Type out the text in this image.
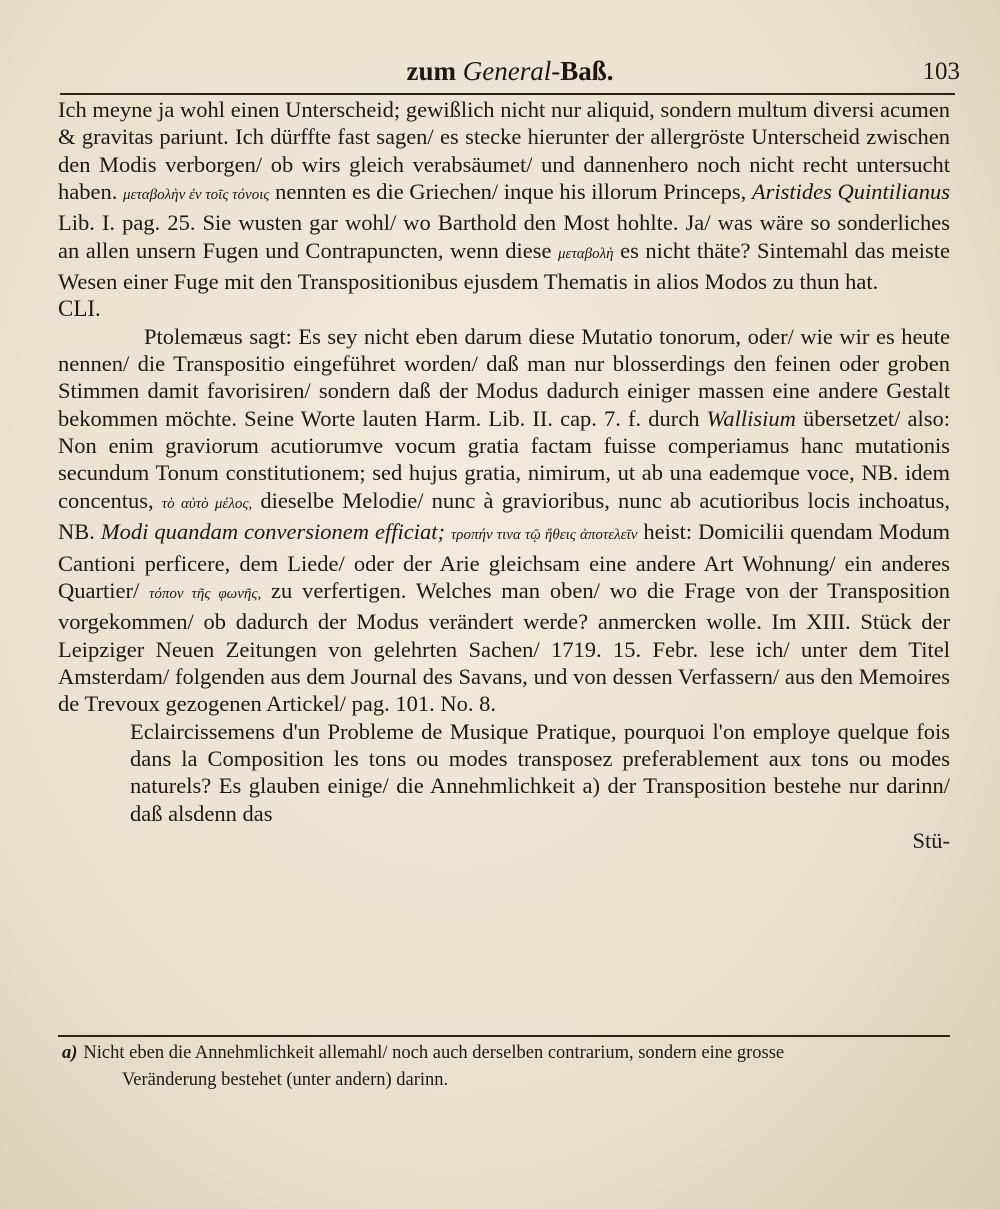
zum General-Baß.	103

Ich meyne ja wohl einen Unterscheid; gewißlich nicht nur aliquid, sondern multum diversi acumen & gravitas pariunt. Ich dürffte fast sagen/ es stecke hierunter der allergröste Unterscheid zwischen den Modis verborgen/ ob wirs gleich verabsäumet/ und dannenhero noch nicht recht untersucht haben. μεταβολὴν ἐν τοῖς τόνοις nennten es die Griechen/ inque his illorum Princeps, Aristides Quintilianus Lib. I. pag. 25. Sie wusten gar wohl/ wo Barthold den Most hohlte. Ja/ was wäre so sonderliches an allen unsern Fugen und Contrapuncten, wenn diese μεταβολὴ es nicht thäte? Sintemahl das meiste Wesen einer Fuge mit den Transpositionibus ejusdem Thematis in alios Modos zu thun hat.

CLI.

Ptolemæus sagt: Es sey nicht eben darum diese Mutatio tonorum, oder/ wie wir es heute nennen/ die Transpositio eingeführet worden/ daß man nur blosserdings den feinen oder groben Stimmen damit favorisiren/ sondern daß der Modus dadurch einiger massen eine andere Gestalt bekommen möchte. Seine Worte lauten Harm. Lib. II. cap. 7. f. durch Wallisium übersetzet/ also: Non enim graviorum acutiorumve vocum gratia factam fuisse comperiamus hanc mutationis secundum Tonum constitutionem; sed hujus gratia, nimirum, ut ab una eademque voce, NB. idem concentus, τὸ αὐτὸ μέλος, dieselbe Melodie/ nunc à gravioribus, nunc ab acutioribus locis inchoatus, NB. Modi quandam conversionem efficiat; τροπήν τινα τῷ ἤθεις ἀποτελεῖν heist: Domicilii quendam Modum Cantioni perficere, dem Liede/ oder der Arie gleichsam eine andere Art Wohnung/ ein anderes Quartier/ τόπον τῆς φωνῆς, zu verfertigen. Welches man oben/ wo die Frage von der Transposition vorgekommen/ ob dadurch der Modus verändert werde? anmercken wolle. Im XIII. Stück der Leipziger Neuen Zeitungen von gelehrten Sachen/ 1719. 15. Febr. lese ich/ unter dem Titel Amsterdam/ folgenden aus dem Journal des Savans, und von dessen Verfassern/ aus den Memoires de Trevoux gezogenen Artickel/ pag. 101. No. 8.

Eclaircissemens d'un Probleme de Musique Pratique, pourquoi l'on employe quelque fois dans la Composition les tons ou modes transposez preferablement aux tons ou modes naturels? Es glauben einige/ die Annehmlichkeit a) der Transposition bestehe nur darinn/ daß alsdenn das

Stü-

a) Nicht eben die Annehmlichkeit allemahl/ noch auch derselben contrarium, sondern eine grosse

Veränderung bestehet (unter andern) darinn.
